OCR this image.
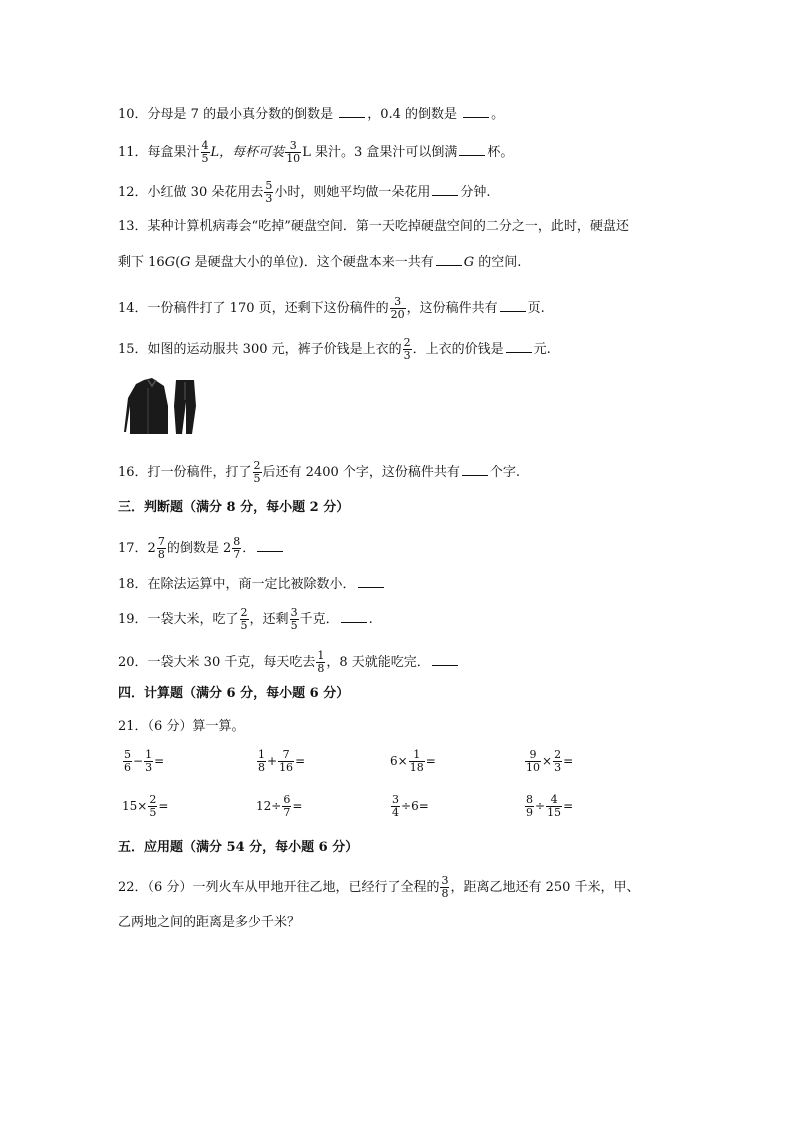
10．分母是 7 的最小真分数的倒数是 ，0.4 的倒数是 。
11．每盒果汁 $\frac{4}{5}$ L，每杯可装 $\frac{3}{10}$ L 果汁。3 盒果汁可以倒满 杯。
12．小红做 30 朵花用去 $\frac{5}{3}$ 小时，则她平均做一朵花用 分钟.
13．某种计算机病毒会“吃掉”硬盘空间．第一天吃掉硬盘空间的二分之一，此时，硬盘还
剩下 16G(G 是硬盘大小的单位)．这个硬盘本来一共有 G 的空间.
14．一份稿件打了 170 页，还剩下这份稿件的 $\frac{3}{20}$ ，这份稿件共有 页.
15．如图的运动服共 300 元，裤子价钱是上衣的 $\frac{2}{3}$ ．上衣的价钱是 元.
16．打一份稿件，打了 $\frac{2}{5}$ 后还有 2400 个字，这份稿件共有 个字.
三．判断题（满分 8 分，每小题 2 分）
17．$2 \frac{7}{8}$ 的倒数是 $2 \frac{8}{7}$ ．
18．在除法运算中，商一定比被除数小．
19．一袋大米，吃了 $\frac{2}{5}$ ，还剩 $\frac{3}{5}$ 千克． .
20．一袋大米 30 千克，每天吃去 $\frac{1}{8}$ ，8 天就能吃完．
四．计算题（满分 6 分，每小题 6 分）
21．（6 分）算一算。
$\frac{5}{6} - \frac{1}{3}$ =	$\frac{1}{8} + \frac{7}{16}$ =	$6\times \frac{1}{18}$ =	$\frac{9}{10} \times \frac{2}{3}$ =
$15\times \frac{2}{5}$ =	$12\div \frac{6}{7}$ =	$\frac{3}{4} \div 6=$	$\frac{8}{9} \div \frac{4}{15}$ =
五．应用题（满分 54 分，每小题 6 分）
22．（6 分）一列火车从甲地开往乙地，已经行了全程的 $\frac{3}{8}$ ，距离乙地还有 250 千米，甲、
乙两地之间的距离是多少千米？
